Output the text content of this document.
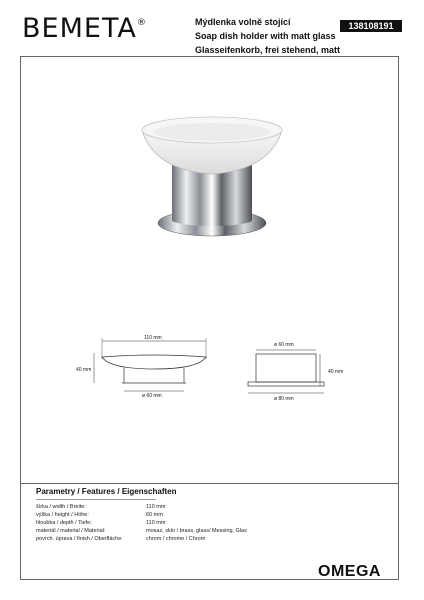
BEMETA®	Mýdlenka volně stojící
Soap dish holder with matt glass
Glasseifenkorb, frei stehend, matt
138108191
110 mm
40 mm
ø 60 mm
ø 60 mm
40 mm
ø 80 mm
Parametry / Features / Eigenschaften
šírka / width / Breite:	110 mm
výška / height / Höhe:	60 mm
hloubka / depth / Tiefe:	110 mm
materiál / material / Material:	mosaz, sklo / brass, glass/ Messing, Glas
povrch. úprava / finish / Oberfläche:	chrom / chrome / Chrom
OMEGA
